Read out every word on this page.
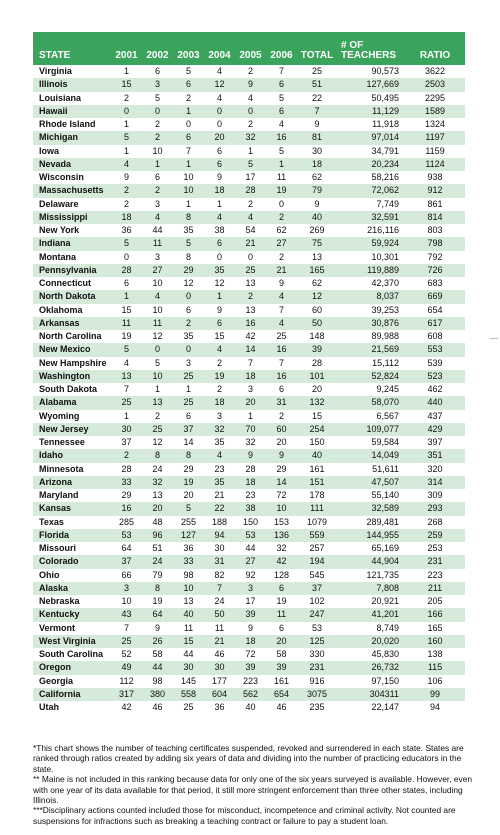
STATE	2001	2002	2003	2004	2005	2006	TOTAL	# OF TEACHERS	RATIO
Virginia	1	6	5	4	2	7	25	90,573	3622
Illinois	15	3	6	12	9	6	51	127,669	2503
Louisiana	2	5	2	4	4	5	22	50,495	2295
Hawaii	0	0	1	0	0	6	7	11,129	1589
Rhode Island	1	2	0	0	2	4	9	11,918	1324
Michigan	5	2	6	20	32	16	81	97,014	1197
Iowa	1	10	7	6	1	5	30	34,791	1159
Nevada	4	1	1	6	5	1	18	20,234	1124
Wisconsin	9	6	10	9	17	11	62	58,216	938
Massachusetts	2	2	10	18	28	19	79	72,062	912
Delaware	2	3	1	1	2	0	9	7,749	861
Mississippi	18	4	8	4	4	2	40	32,591	814
New York	36	44	35	38	54	62	269	216,116	803
Indiana	5	11	5	6	21	27	75	59,924	798
Montana	0	3	8	0	0	2	13	10,301	792
Pennsylvania	28	27	29	35	25	21	165	119,889	726
Connecticut	6	10	12	12	13	9	62	42,370	683
North Dakota	1	4	0	1	2	4	12	8,037	669
Oklahoma	15	10	6	9	13	7	60	39,253	654
Arkansas	11	11	2	6	16	4	50	30,876	617
North Carolina	19	12	35	15	42	25	148	89,988	608
New Mexico	5	0	0	4	14	16	39	21,569	553
New Hampshire	4	5	3	2	7	7	28	15,112	539
Washington	13	10	25	19	18	16	101	52,824	523
South Dakota	7	1	1	2	3	6	20	9,245	462
Alabama	25	13	25	18	20	31	132	58,070	440
Wyoming	1	2	6	3	1	2	15	6,567	437
New Jersey	30	25	37	32	70	60	254	109,077	429
Tennessee	37	12	14	35	32	20	150	59,584	397
Idaho	2	8	8	4	9	9	40	14,049	351
Minnesota	28	24	29	23	28	29	161	51,611	320
Arizona	33	32	19	35	18	14	151	47,507	314
Maryland	29	13	20	21	23	72	178	55,140	309
Kansas	16	20	5	22	38	10	111	32,589	293
Texas	285	48	255	188	150	153	1079	289,481	268
Florida	53	96	127	94	53	136	559	144,955	259
Missouri	64	51	36	30	44	32	257	65,169	253
Colorado	37	24	33	31	27	42	194	44,904	231
Ohio	66	79	98	82	92	128	545	121,735	223
Alaska	3	8	10	7	3	6	37	7,808	211
Nebraska	10	19	13	24	17	19	102	20,921	205
Kentucky	43	64	40	50	39	11	247	41,201	166
Vermont	7	9	11	11	9	6	53	8,749	165
West Virginia	25	26	15	21	18	20	125	20,020	160
South Carolina	52	58	44	46	72	58	330	45,830	138
Oregon	49	44	30	30	39	39	231	26,732	115
Georgia	112	98	145	177	223	161	916	97,150	106
California	317	380	558	604	562	654	3075	304311	99
Utah	42	46	25	36	40	46	235	22,147	94

*This chart shows the number of teaching certificates suspended, revoked and surrendered in each state. States are ranked through ratios created by adding six years of data and dividing into the number of practicing educators in the state.

** Maine is not included in this ranking because data for only one of the six years surveyed is available. However, even with one year of its data available for that period, it still more stringent enforcement than three other states, including Illinois.

***Disciplinary actions counted included those for misconduct, incompetence and criminal activity. Not counted are suspensions for infractions such as breaking a teaching contract or failure to pay a student loan.
